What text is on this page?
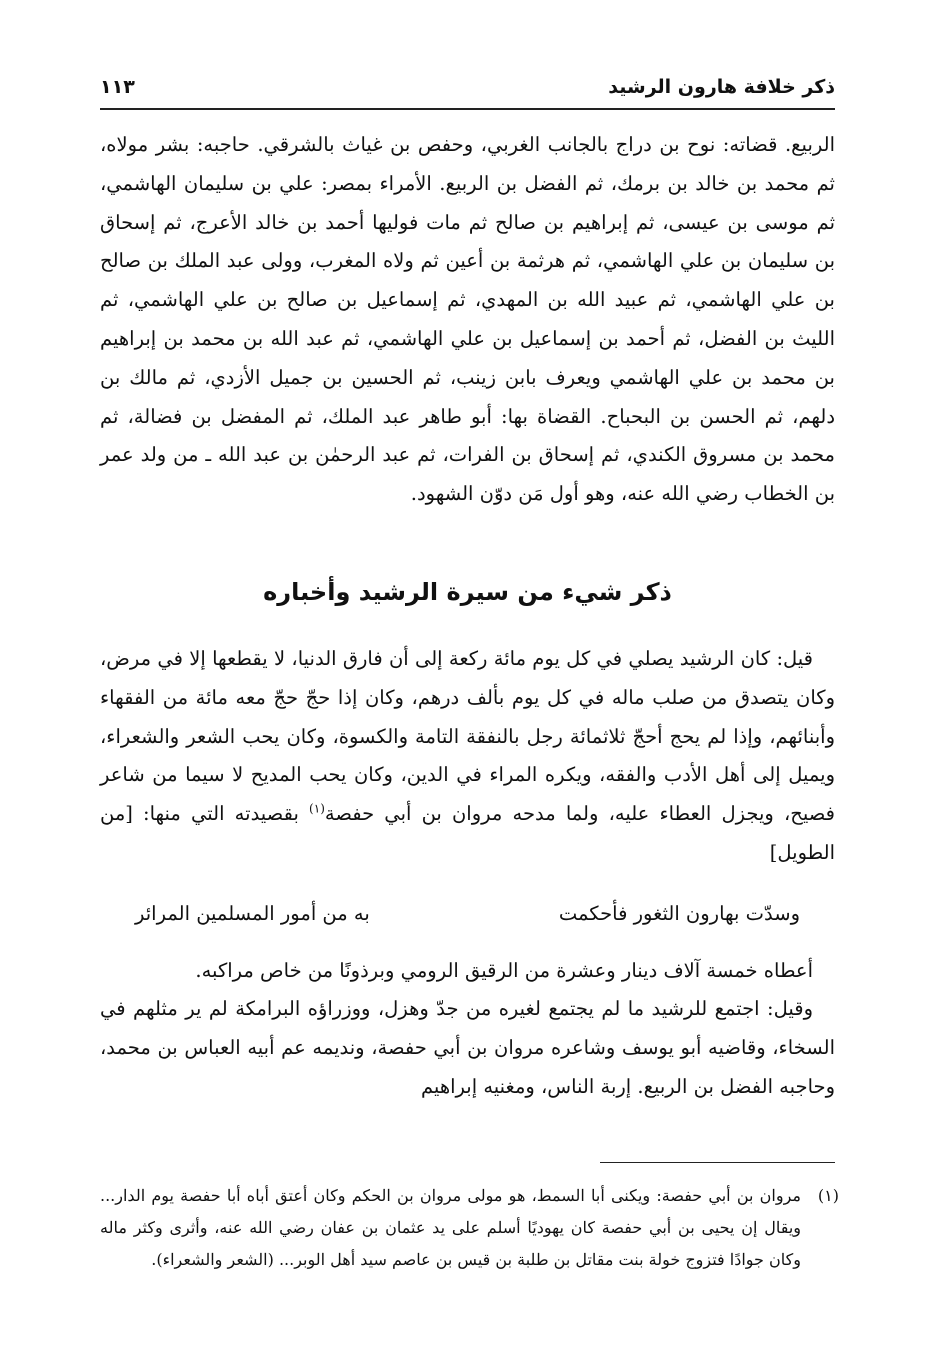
ذكر خلافة هارون الرشيد
١١٣
الربيع. قضاته: نوح بن دراج بالجانب الغربي، وحفص بن غياث بالشرقي. حاجبه: بشر مولاه، ثم محمد بن خالد بن برمك، ثم الفضل بن الربيع. الأمراء بمصر: علي بن سليمان الهاشمي، ثم موسى بن عيسى، ثم إبراهيم بن صالح ثم مات فوليها أحمد بن خالد الأعرج، ثم إسحاق بن سليمان بن علي الهاشمي، ثم هرثمة بن أعين ثم ولاه المغرب، وولى عبد الملك بن صالح بن علي الهاشمي، ثم عبيد الله بن المهدي، ثم إسماعيل بن صالح بن علي الهاشمي، ثم الليث بن الفضل، ثم أحمد بن إسماعيل بن علي الهاشمي، ثم عبد الله بن محمد بن إبراهيم بن محمد بن علي الهاشمي ويعرف بابن زينب، ثم الحسين بن جميل الأزدي، ثم مالك بن دلهم، ثم الحسن بن البحباح. القضاة بها: أبو طاهر عبد الملك، ثم المفضل بن فضالة، ثم محمد بن مسروق الكندي، ثم إسحاق بن الفرات، ثم عبد الرحمٰن بن عبد الله ـ من ولد عمر بن الخطاب رضي الله عنه، وهو أول مَن دوّن الشهود.
ذكر شيء من سيرة الرشيد وأخباره

قيل: كان الرشيد يصلي في كل يوم مائة ركعة إلى أن فارق الدنيا، لا يقطعها إلا في مرض، وكان يتصدق من صلب ماله في كل يوم بألف درهم، وكان إذا حجّ حجّ معه مائة من الفقهاء وأبنائهم، وإذا لم يحج أحجّ ثلاثمائة رجل بالنفقة التامة والكسوة، وكان يحب الشعر والشعراء، ويميل إلى أهل الأدب والفقه، ويكره المراء في الدين، وكان يحب المديح لا سيما من شاعر فصيح، ويجزل العطاء عليه، ولما مدحه مروان بن أبي حفصة$^{(١)}$ بقصيدته التي منها: [من الطويل]

وسدّت بهارون الثغور فأحكمت
به من أمور المسلمين المرائر

أعطاه خمسة آلاف دينار وعشرة من الرقيق الرومي وبرذونًا من خاص مراكبه.

وقيل: اجتمع للرشيد ما لم يجتمع لغيره من جدّ وهزل، ووزراؤه البرامكة لم ير مثلهم في السخاء، وقاضيه أبو يوسف وشاعره مروان بن أبي حفصة، ونديمه عم أبيه العباس بن محمد، وحاجبه الفضل بن الربيع. إربة الناس، ومغنيه إبراهيم

(١)
مروان بن أبي حفصة: ويكنى أبا السمط، هو مولى مروان بن الحكم وكان أعتق أباه أبا حفصة يوم الدار... ويقال إن يحيى بن أبي حفصة كان يهوديًا أسلم على يد عثمان بن عفان رضي الله عنه، وأثرى وكثر ماله وكان جوادًا فتزوج خولة بنت مقاتل بن طلبة بن قيس بن عاصم سيد أهل الوبر... (الشعر والشعراء).
